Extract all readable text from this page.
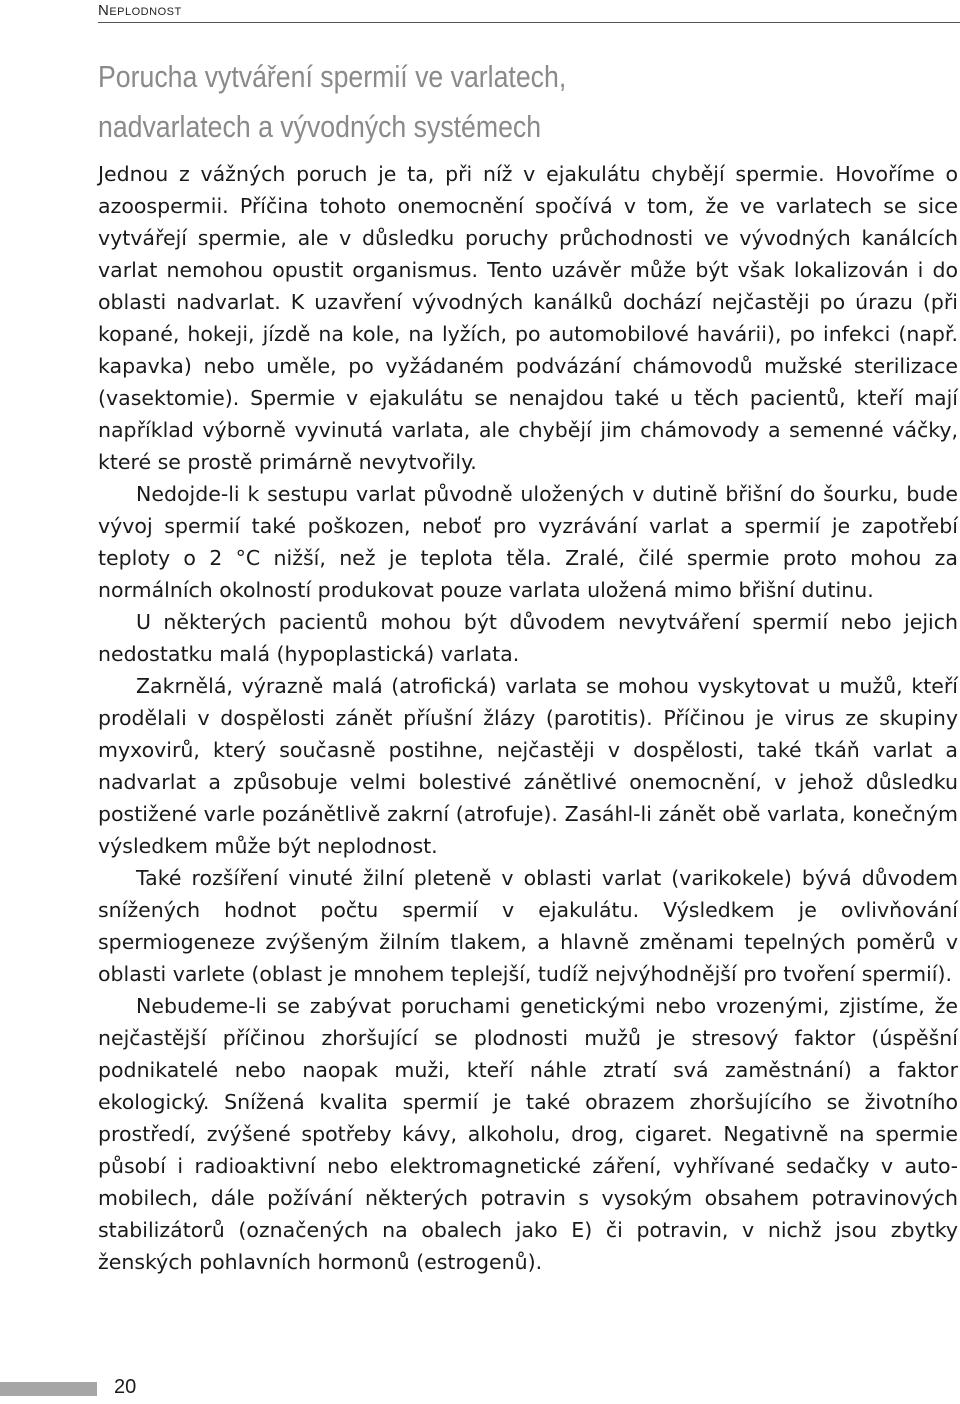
Neplodnost
Porucha vytváření spermií ve varlatech,
nadvarlatech a vývodných systémech

Jednou z vážných poruch je ta, při níž v ejakulátu chybějí spermie. Hovoříme o azoospermii. Příčina tohoto onemocnění spočívá v tom, že ve varlatech se sice vytvářejí spermie, ale v důsledku poruchy průchodnosti ve vývodných kanálcích varlat nemohou opustit organismus. Tento uzávěr může být však lokalizován i do oblasti nadvarlat. K uzavření vývodných kanálků dochází nejčastěji po úrazu (při kopané, hokeji, jízdě na kole, na lyžích, po automobilové havárii), po infekci (např. kapavka) nebo uměle, po vyžádaném podvázání chámovodů mužské sterilizace (vasektomie). Spermie v ejakulátu se nenajdou také u těch pacientů, kteří mají například výborně vyvinutá varlata, ale chybějí jim chámovody a semenné váčky, které se prostě primárně nevytvořily.

Nedojde-li k sestupu varlat původně uložených v dutině břišní do šourku, bude vývoj spermií také poškozen, neboť pro vyzrávání varlat a spermií je zapotřebí teploty o 2 °C nižší, než je teplota těla. Zralé, čilé spermie proto mohou za normálních okolností produkovat pouze varlata uložená mimo břišní dutinu.

U některých pacientů mohou být důvodem nevytváření spermií nebo jejich nedostatku malá (hypoplastická) varlata.

Zakrnělá, výrazně malá (atrofická) varlata se mohou vyskytovat u mužů, kteří prodělali v dospělosti zánět příušní žlázy (parotitis). Příčinou je virus ze skupiny myxovirů, který současně postihne, nejčastěji v dospělosti, také tkáň varlat a nadvarlat a způsobuje velmi bolestivé zánětlivé onemocnění, v jehož důsledku postižené varle pozánětlivě zakrní (atrofuje). Zasáhl-li zánět obě varlata, konečným výsledkem může být neplodnost.

Také rozšíření vinuté žilní pleteně v oblasti varlat (varikokele) bývá důvodem snížených hodnot počtu spermií v ejakulátu. Výsledkem je ovlivňování spermiogeneze zvýšeným žilním tlakem, a hlavně změnami tepelných poměrů v oblasti varlete (oblast je mnohem teplejší, tudíž nejvýhodnější pro tvoření spermií).

Nebudeme-li se zabývat poruchami genetickými nebo vrozenými, zjistíme, že nejčastější příčinou zhoršující se plodnosti mužů je stresový faktor (úspěšní podnikatelé nebo naopak muži, kteří náhle ztratí svá zaměstnání) a faktor ekologický. Snížená kvalita spermií je také obrazem zhoršujícího se životního prostředí, zvýšené spotřeby kávy, alkoholu, drog, cigaret. Negativně na spermie působí i radioaktivní nebo elektromagnetické záření, vyhřívané sedačky v automobilech, dále požívání některých potravin s vysokým obsahem potravinových stabilizátorů (označených na obalech jako E) či potravin, v nichž jsou zbytky ženských pohlavních hormonů (estrogenů).

20
